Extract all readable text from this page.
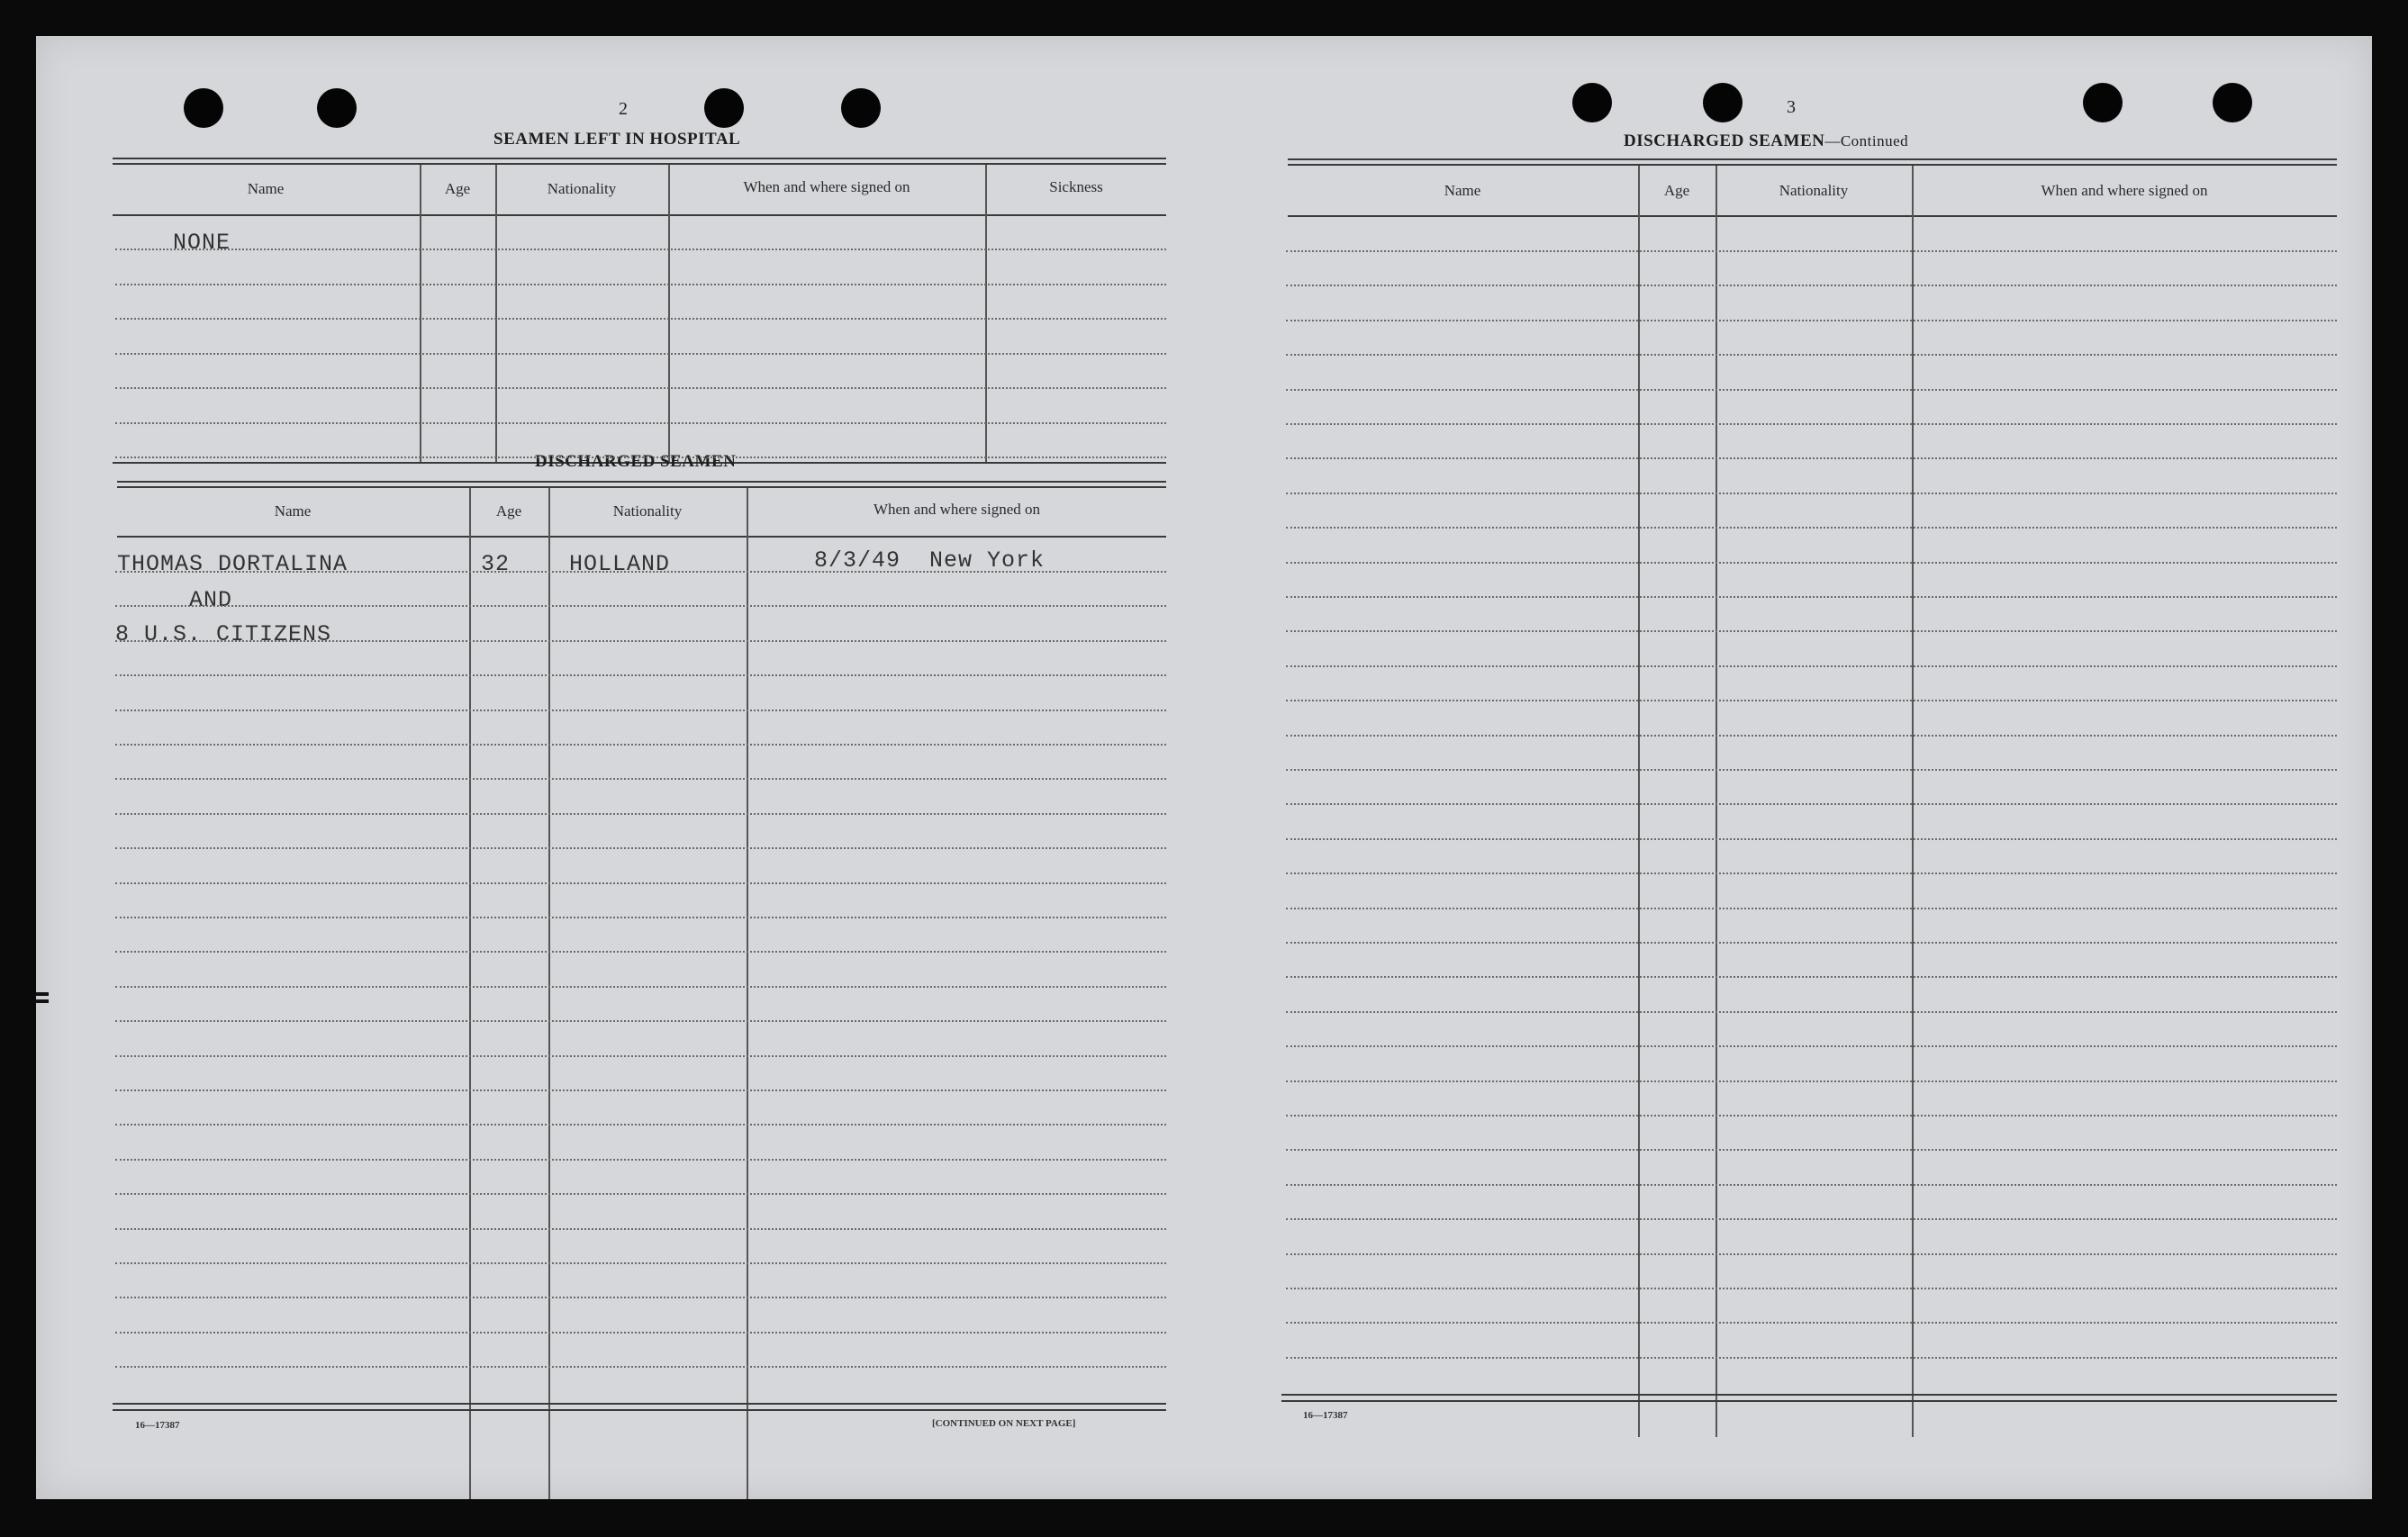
2
SEAMEN LEFT IN HOSPITAL
Name	Age	Nationality	When and where signed on	Sickness
NONE
DISCHARGED SEAMEN
Name	Age	Nationality	When and where signed on
THOMAS DORTALINA	32	HOLLAND	8/3/49  New York
AND
8 U.S. CITIZENS
16—17387	[CONTINUED ON NEXT PAGE]
3
DISCHARGED SEAMEN—Continued
Name	Age	Nationality	When and where signed on
16—17387
